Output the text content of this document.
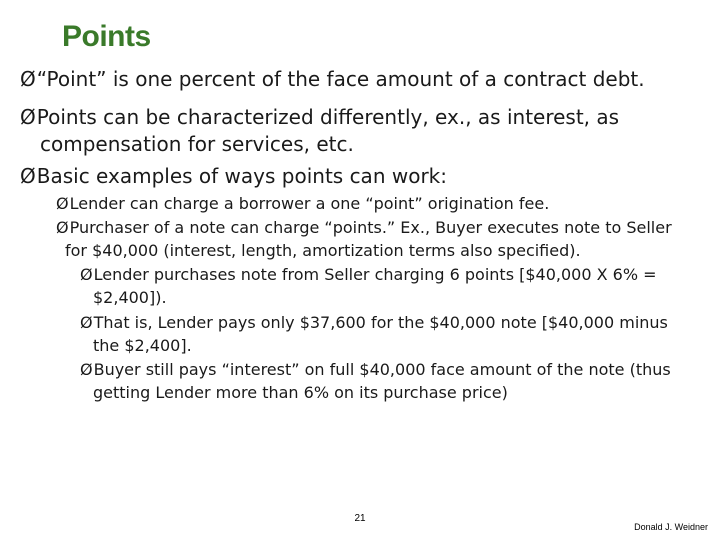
Points
Ø“Point” is one percent of the face amount of a contract debt.
ØPoints can be characterized differently, ex., as interest, as
compensation for services, etc.
ØBasic examples of ways points can work:
ØLender can charge a borrower a one “point” origination fee.
ØPurchaser of a note can charge “points.” Ex., Buyer executes note to Seller
for $40,000 (interest, length, amortization terms also specified).
ØLender purchases note from Seller charging 6 points [$40,000 X 6% =
$2,400]).
ØThat is, Lender pays only $37,600 for the $40,000 note [$40,000 minus
the $2,400].
ØBuyer still pays “interest” on full $40,000 face amount of the note (thus
getting Lender more than 6% on its purchase price)
21
Donald J. Weidner
